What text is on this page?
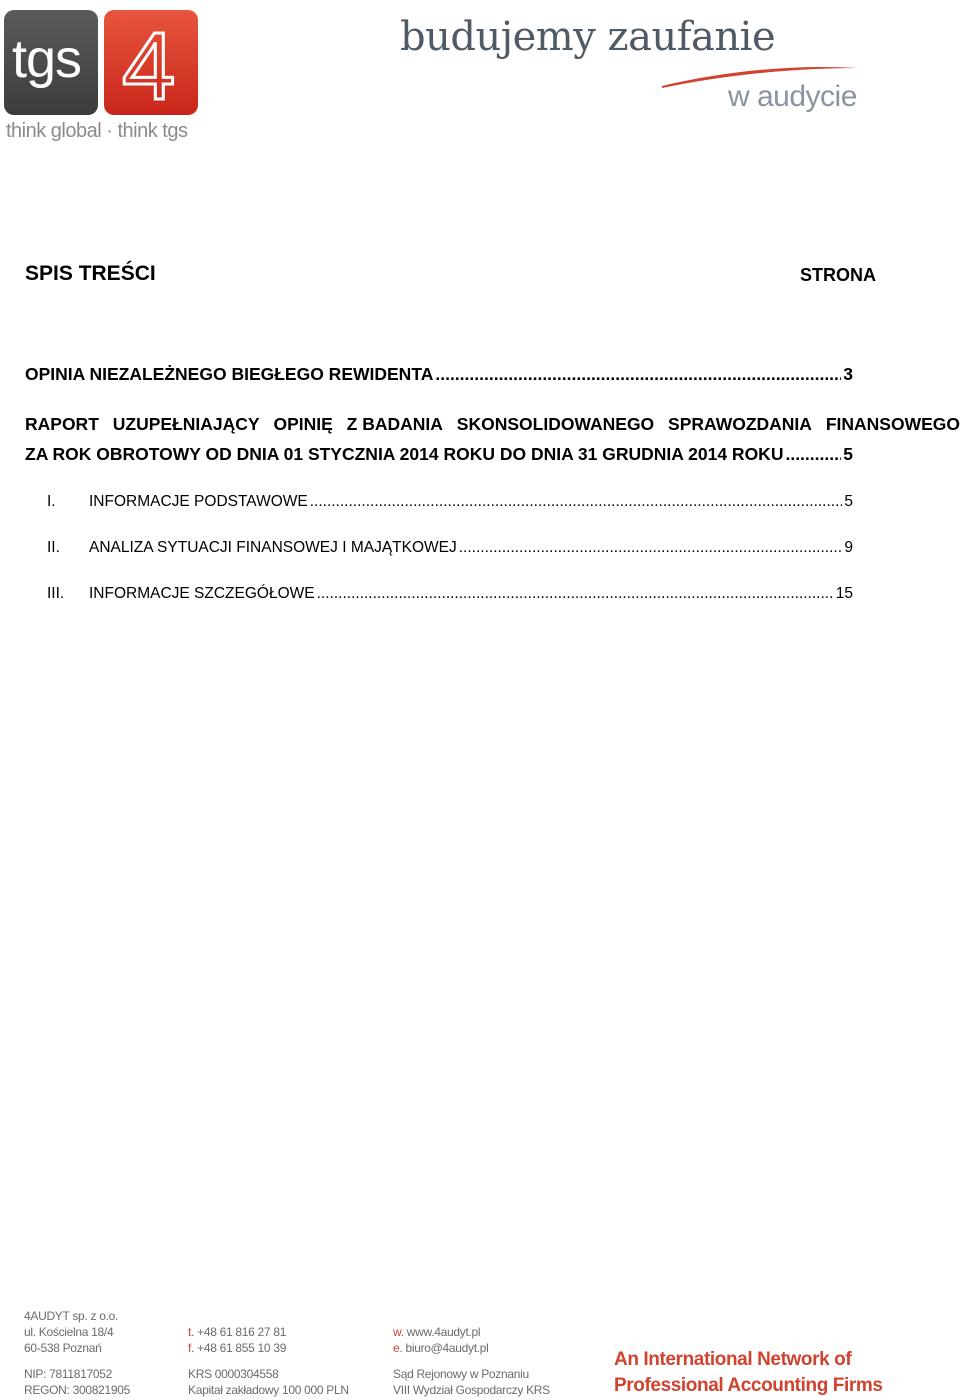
tgs 4
think global · think tgs
budujemy zaufanie
w audycie
SPIS TREŚCI	STRONA
OPINIA NIEZALEŻNEGO BIEGŁEGO REWIDENTA .....	3
RAPORT UZUPEŁNIAJĄCY OPINIĘ Z BADANIA SKONSOLIDOWANEGO SPRAWOZDANIA FINANSOWEGO
ZA ROK OBROTOWY OD DNIA 01 STYCZNIA 2014 ROKU DO DNIA 31 GRUDNIA 2014 ROKU .....	5
I.	INFORMACJE PODSTAWOWE .....	5
II.	ANALIZA SYTUACJI FINANSOWEJ I MAJĄTKOWEJ .....	9
III.	INFORMACJE SZCZEGÓŁOWE .....	15
4AUDYT sp. z o.o.
ul. Kościelna 18/4
60-538 Poznań
NIP: 7811817052
REGON: 300821905
t. +48 61 816 27 81
f. +48 61 855 10 39
KRS 0000304558
Kapitał zakładowy 100 000 PLN
w. www.4audyt.pl
e. biuro@4audyt.pl
Sąd Rejonowy w Poznaniu
VIII Wydział Gospodarczy KRS
An International Network of
Professional Accounting Firms
